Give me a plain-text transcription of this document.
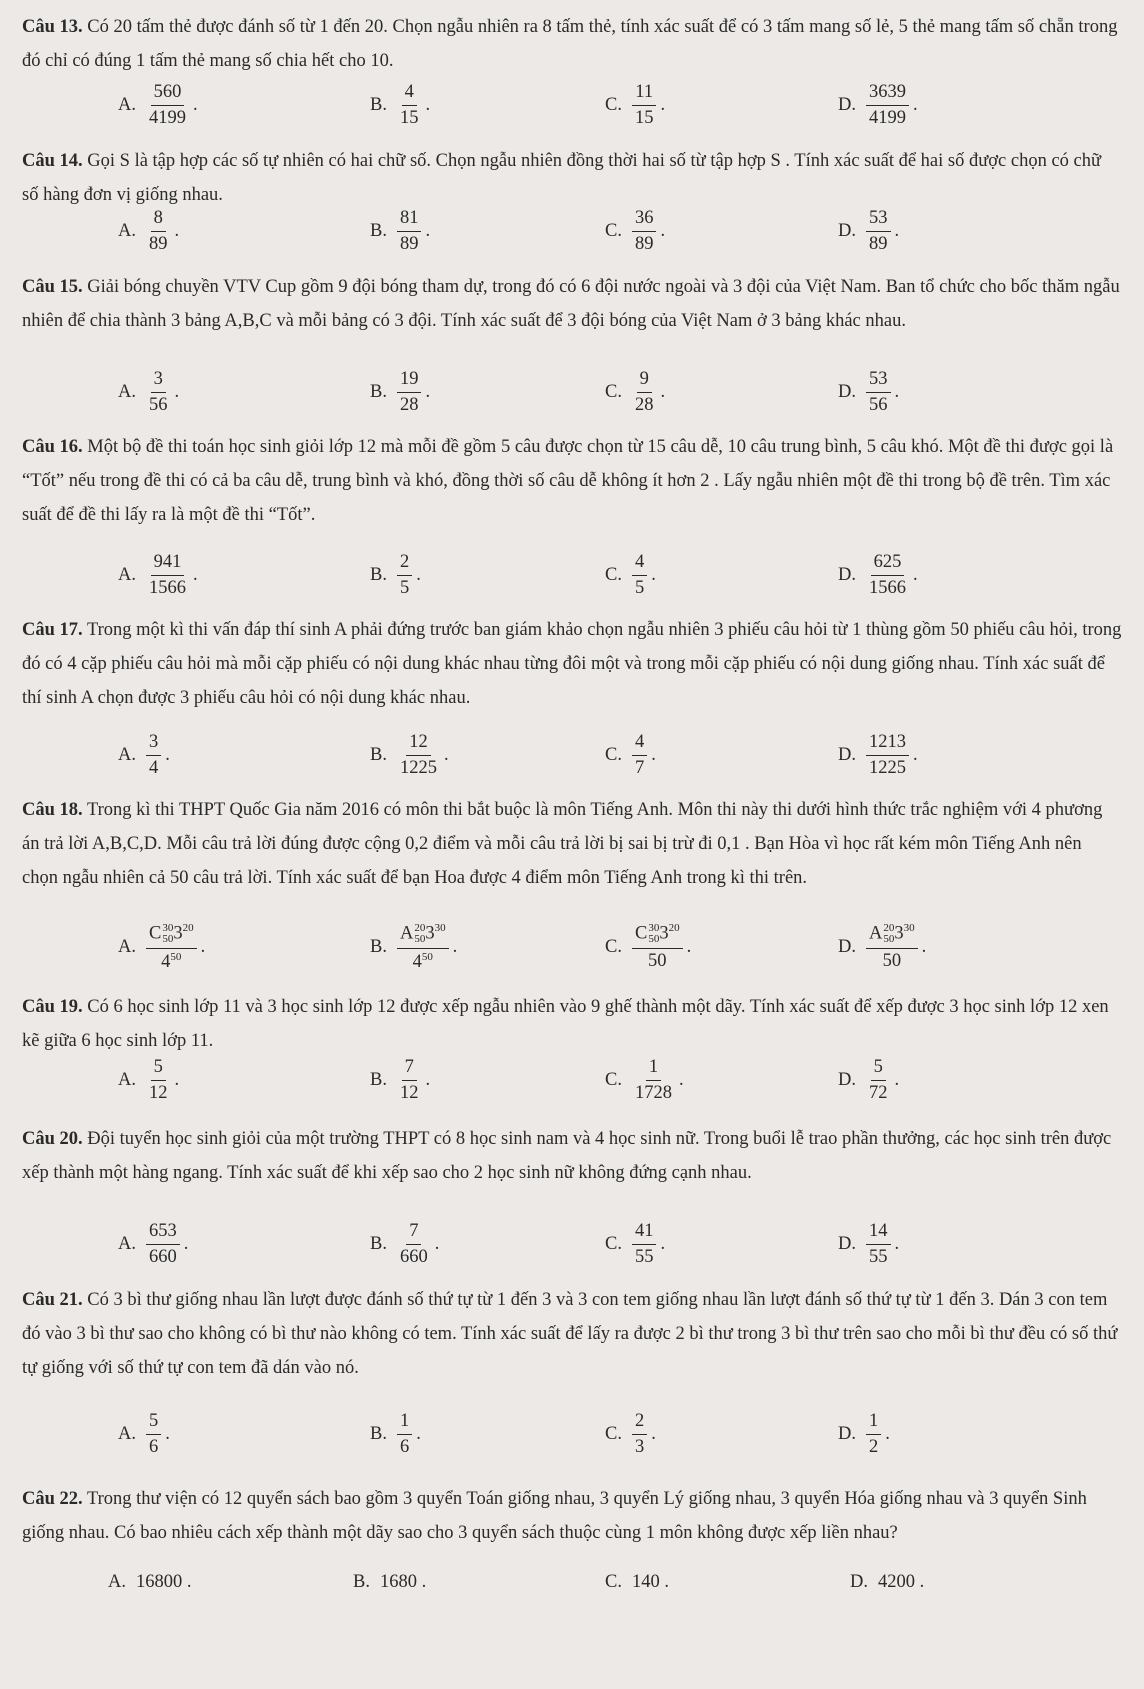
Câu 13. Có 20 tấm thẻ được đánh số từ 1 đến 20. Chọn ngẫu nhiên ra 8 tấm thẻ, tính xác suất để có 3 tấm mang số lẻ, 5 thẻ mang tấm số chẵn trong đó chỉ có đúng 1 tấm thẻ mang số chia hết cho 10.

A. $\frac{560}{4199}$ .	B. $\frac{4}{15}$ .	C. $\frac{11}{15}$ .	D. $\frac{3639}{4199}$ .

Câu 14. Gọi S là tập hợp các số tự nhiên có hai chữ số. Chọn ngẫu nhiên đồng thời hai số từ tập hợp S . Tính xác suất để hai số được chọn có chữ số hàng đơn vị giống nhau.

A. $\frac{8}{89}$ .	B. $\frac{81}{89}$ .	C. $\frac{36}{89}$ .	D. $\frac{53}{89}$ .

Câu 15. Giải bóng chuyền VTV Cup gồm 9 đội bóng tham dự, trong đó có 6 đội nước ngoài và 3 đội của Việt Nam. Ban tổ chức cho bốc thăm ngẫu nhiên để chia thành 3 bảng A,B,C và mỗi bảng có 3 đội. Tính xác suất để 3 đội bóng của Việt Nam ở 3 bảng khác nhau.

A. $\frac{3}{56}$ .	B. $\frac{19}{28}$ .	C. $\frac{9}{28}$ .	D. $\frac{53}{56}$ .

Câu 16. Một bộ đề thi toán học sinh giỏi lớp 12 mà mỗi đề gồm 5 câu được chọn từ 15 câu dễ, 10 câu trung bình, 5 câu khó. Một đề thi được gọi là “Tốt” nếu trong đề thi có cả ba câu dễ, trung bình và khó, đồng thời số câu dễ không ít hơn 2 . Lấy ngẫu nhiên một đề thi trong bộ đề trên. Tìm xác suất để đề thi lấy ra là một đề thi “Tốt”.

A. $\frac{941}{1566}$ .	B. $\frac{2}{5}$ .	C. $\frac{4}{5}$ .	D. $\frac{625}{1566}$ .

Câu 17. Trong một kì thi vấn đáp thí sinh A phải đứng trước ban giám khảo chọn ngẫu nhiên 3 phiếu câu hỏi từ 1 thùng gồm 50 phiếu câu hỏi, trong đó có 4 cặp phiếu câu hỏi mà mỗi cặp phiếu có nội dung khác nhau từng đôi một và trong mỗi cặp phiếu có nội dung giống nhau. Tính xác suất để thí sinh A chọn được 3 phiếu câu hỏi có nội dung khác nhau.

A. $\frac{3}{4}$ .	B. $\frac{12}{1225}$ .	C. $\frac{4}{7}$ .	D. $\frac{1213}{1225}$ .

Câu 18. Trong kì thi THPT Quốc Gia năm 2016 có môn thi bắt buộc là môn Tiếng Anh. Môn thi này thi dưới hình thức trắc nghiệm với 4 phương án trả lời A,B,C,D. Mỗi câu trả lời đúng được cộng 0,2 điểm và mỗi câu trả lời bị sai bị trừ đi 0,1 . Bạn Hòa vì học rất kém môn Tiếng Anh nên chọn ngẫu nhiên cả 50 câu trả lời. Tính xác suất để bạn Hoa được 4 điểm môn Tiếng Anh trong kì thi trên.

A. C 30
50 $3^{20}$
$4^{50}$ .	B. A 20
50 $3^{30}$
$4^{50}$ .	C. C 30
50 $3^{20}$
50 .	D. A 20
50 $3^{30}$
50 .

Câu 19. Có 6 học sinh lớp 11 và 3 học sinh lớp 12 được xếp ngẫu nhiên vào 9 ghế thành một dãy. Tính xác suất để xếp được 3 học sinh lớp 12 xen kẽ giữa 6 học sinh lớp 11.

A. $\frac{5}{12}$ .	B. $\frac{7}{12}$ .	C. $\frac{1}{1728}$ .	D. $\frac{5}{72}$ .

Câu 20. Đội tuyển học sinh giỏi của một trường THPT có 8 học sinh nam và 4 học sinh nữ. Trong buổi lễ trao phần thưởng, các học sinh trên được xếp thành một hàng ngang. Tính xác suất để khi xếp sao cho 2 học sinh nữ không đứng cạnh nhau.

A. $\frac{653}{660}$ .	B. $\frac{7}{660}$ .	C. $\frac{41}{55}$ .	D. $\frac{14}{55}$ .

Câu 21. Có 3 bì thư giống nhau lần lượt được đánh số thứ tự từ 1 đến 3 và 3 con tem giống nhau lần lượt đánh số thứ tự từ 1 đến 3. Dán 3 con tem đó vào 3 bì thư sao cho không có bì thư nào không có tem. Tính xác suất để lấy ra được 2 bì thư trong 3 bì thư trên sao cho mỗi bì thư đều có số thứ tự giống với số thứ tự con tem đã dán vào nó.

A. $\frac{5}{6}$ .	B. $\frac{1}{6}$ .	C. $\frac{2}{3}$ .	D. $\frac{1}{2}$ .

Câu 22. Trong thư viện có 12 quyển sách bao gồm 3 quyển Toán giống nhau, 3 quyển Lý giống nhau, 3 quyển Hóa giống nhau và 3 quyển Sinh giống nhau. Có bao nhiêu cách xếp thành một dãy sao cho 3 quyển sách thuộc cùng 1 môn không được xếp liền nhau?

A. 16800 .	B. 1680 .	C. 140 .	D. 4200 .
